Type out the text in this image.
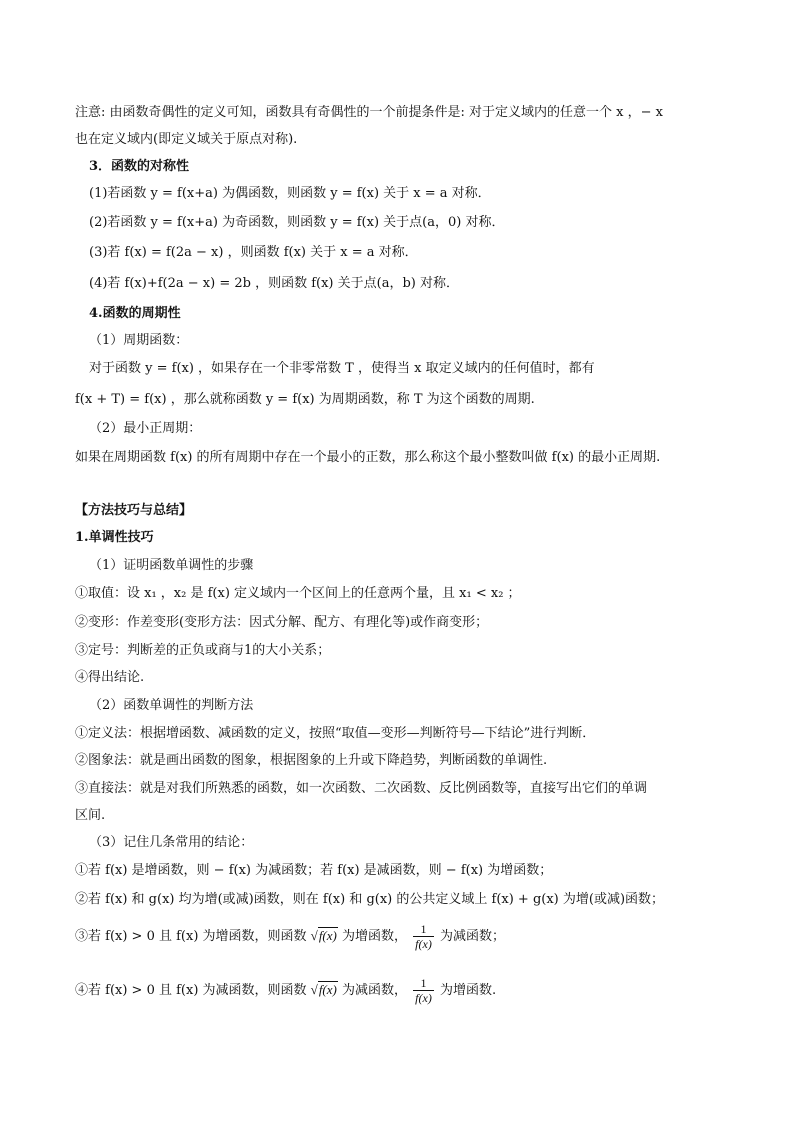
注意: 由函数奇偶性的定义可知，函数具有奇偶性的一个前提条件是: 对于定义域内的任意一个 x ，− x
也在定义域内(即定义域关于原点对称).
3．函数的对称性
(1)若函数 y = f(x+a) 为偶函数，则函数 y = f(x) 关于 x = a 对称．
(2)若函数 y = f(x+a) 为奇函数，则函数 y = f(x) 关于点(a，0) 对称．
(3)若 f(x) = f(2a − x) ，则函数 f(x) 关于 x = a 对称．
(4)若 f(x)+f(2a − x) = 2b ，则函数 f(x) 关于点(a，b) 对称．
4.函数的周期性
（1）周期函数：
对于函数 y = f(x) ，如果存在一个非零常数 T ，使得当 x 取定义域内的任何值时，都有
f(x + T) = f(x) ，那么就称函数 y = f(x) 为周期函数，称 T 为这个函数的周期.
（2）最小正周期：
如果在周期函数 f(x) 的所有周期中存在一个最小的正数，那么称这个最小整数叫做 f(x) 的最小正周期.
【方法技巧与总结】
1.单调性技巧
（1）证明函数单调性的步骤
①取值：设 x₁ ，x₂ 是 f(x) 定义域内一个区间上的任意两个量，且 x₁ < x₂ ；
②变形：作差变形(变形方法：因式分解、配方、有理化等)或作商变形；
③定号：判断差的正负或商与1的大小关系；
④得出结论.
（2）函数单调性的判断方法
①定义法：根据增函数、减函数的定义，按照“取值—变形—判断符号—下结论”进行判断．
②图象法：就是画出函数的图象，根据图象的上升或下降趋势，判断函数的单调性.
③直接法：就是对我们所熟悉的函数，如一次函数、二次函数、反比例函数等，直接写出它们的单调
区间.
（3）记住几条常用的结论：
①若 f(x) 是增函数，则 − f(x) 为减函数；若 f(x) 是减函数，则 − f(x) 为增函数；
②若 f(x) 和 g(x) 均为增(或减)函数，则在 f(x) 和 g(x) 的公共定义域上 f(x) + g(x) 为增(或减)函数；
③若 f(x) > 0 且 f(x) 为增函数，则函数 √f(x) 为增函数， $\frac{1}{f(x)}$ 为减函数；
④若 f(x) > 0 且 f(x) 为减函数，则函数 √f(x) 为减函数， $\frac{1}{f(x)}$ 为增函数.
